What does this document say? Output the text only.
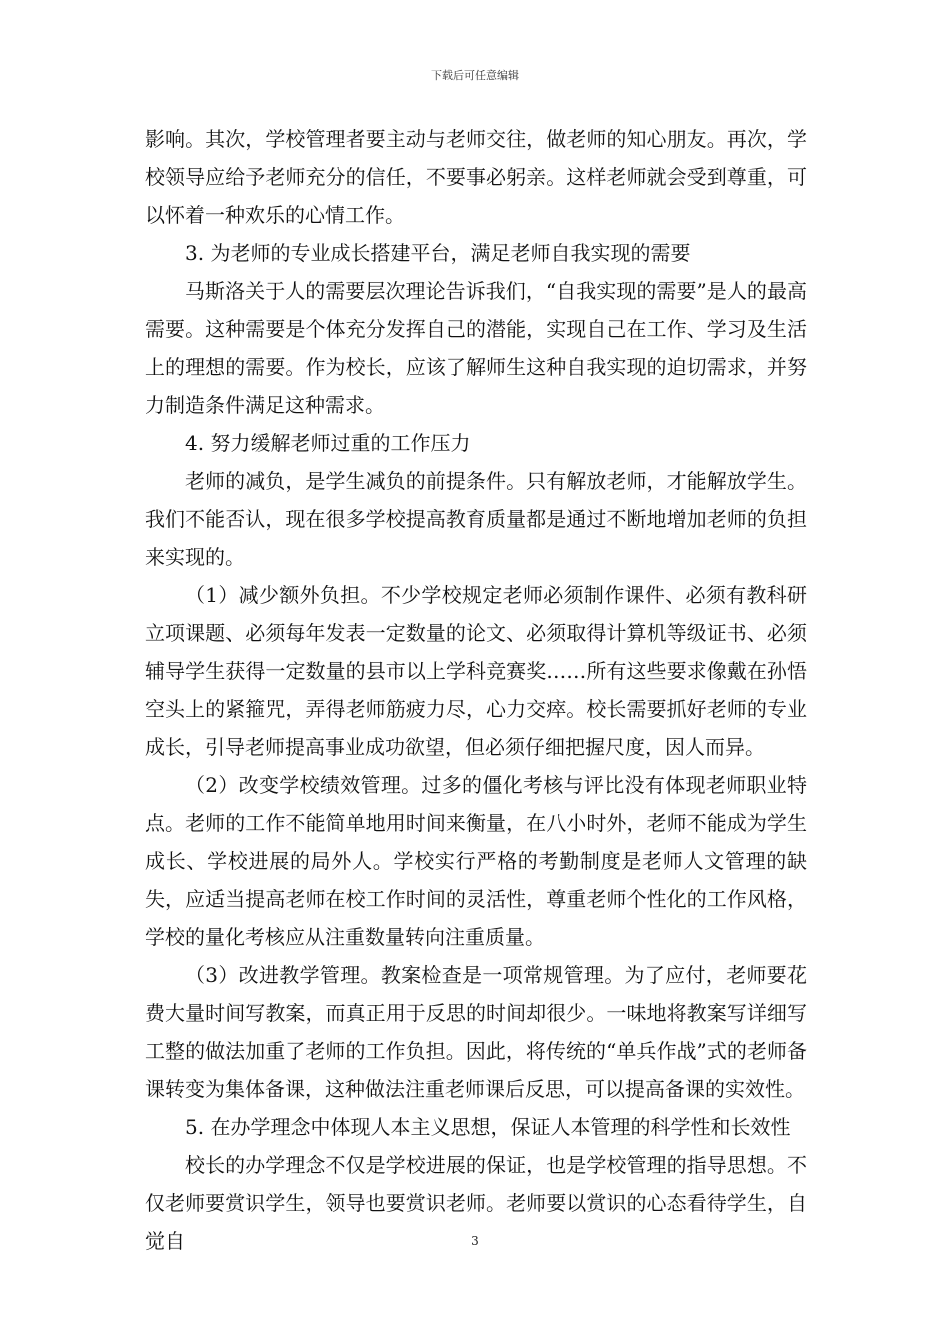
下载后可任意编辑

影响。其次，学校管理者要主动与老师交往，做老师的知心朋友。再次，学校领导应给予老师充分的信任，不要事必躬亲。这样老师就会受到尊重，可以怀着一种欢乐的心情工作。

3. 为老师的专业成长搭建平台，满足老师自我实现的需要

马斯洛关于人的需要层次理论告诉我们，“自我实现的需要”是人的最高需要。这种需要是个体充分发挥自己的潜能，实现自己在工作、学习及生活上的理想的需要。作为校长，应该了解师生这种自我实现的迫切需求，并努力制造条件满足这种需求。

4. 努力缓解老师过重的工作压力

老师的减负，是学生减负的前提条件。只有解放老师，才能解放学生。我们不能否认，现在很多学校提高教育质量都是通过不断地增加老师的负担来实现的。

（1）减少额外负担。不少学校规定老师必须制作课件、必须有教科研立项课题、必须每年发表一定数量的论文、必须取得计算机等级证书、必须辅导学生获得一定数量的县市以上学科竞赛奖……所有这些要求像戴在孙悟空头上的紧箍咒，弄得老师筋疲力尽，心力交瘁。校长需要抓好老师的专业成长，引导老师提高事业成功欲望，但必须仔细把握尺度，因人而异。

（2）改变学校绩效管理。过多的僵化考核与评比没有体现老师职业特点。老师的工作不能简单地用时间来衡量，在八小时外，老师不能成为学生成长、学校进展的局外人。学校实行严格的考勤制度是老师人文管理的缺失，应适当提高老师在校工作时间的灵活性，尊重老师个性化的工作风格，学校的量化考核应从注重数量转向注重质量。

（3）改进教学管理。教案检查是一项常规管理。为了应付，老师要花费大量时间写教案，而真正用于反思的时间却很少。一味地将教案写详细写工整的做法加重了老师的工作负担。因此，将传统的“单兵作战”式的老师备课转变为集体备课，这种做法注重老师课后反思，可以提高备课的实效性。

5. 在办学理念中体现人本主义思想，保证人本管理的科学性和长效性

校长的办学理念不仅是学校进展的保证，也是学校管理的指导思想。不仅老师要赏识学生，领导也要赏识老师。老师要以赏识的心态看待学生，自觉自	3
